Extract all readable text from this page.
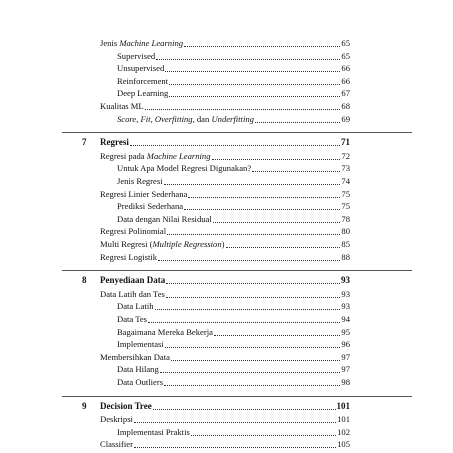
Jenis Machine Learning	65
Supervised	65
Unsupervised	66
Reinforcement	66
Deep Learning	67
Kualitas ML	68
Score, Fit, Overfitting, dan Underfitting	69
7	Regresi	71
Regresi pada Machine Learning	72
Untuk Apa Model Regresi Digunakan?	73
Jenis Regresi	74
Regresi Linier Sederhana	75
Prediksi Sederhana	75
Data dengan Nilai Residual	78
Regresi Polinomial	80
Multi Regresi (Multiple Regression)	85
Regresi Logistik	88
8	Penyediaan Data	93
Data Latih dan Tes	93
Data Latih	93
Data Tes	94
Bagaimana Mereka Bekerja	95
Implementasi	96
Membersihkan Data	97
Data Hilang	97
Data Outliers	98
9	Decision Tree	101
Deskripsi	101
Implementasi Praktis	102
Classifier	105
